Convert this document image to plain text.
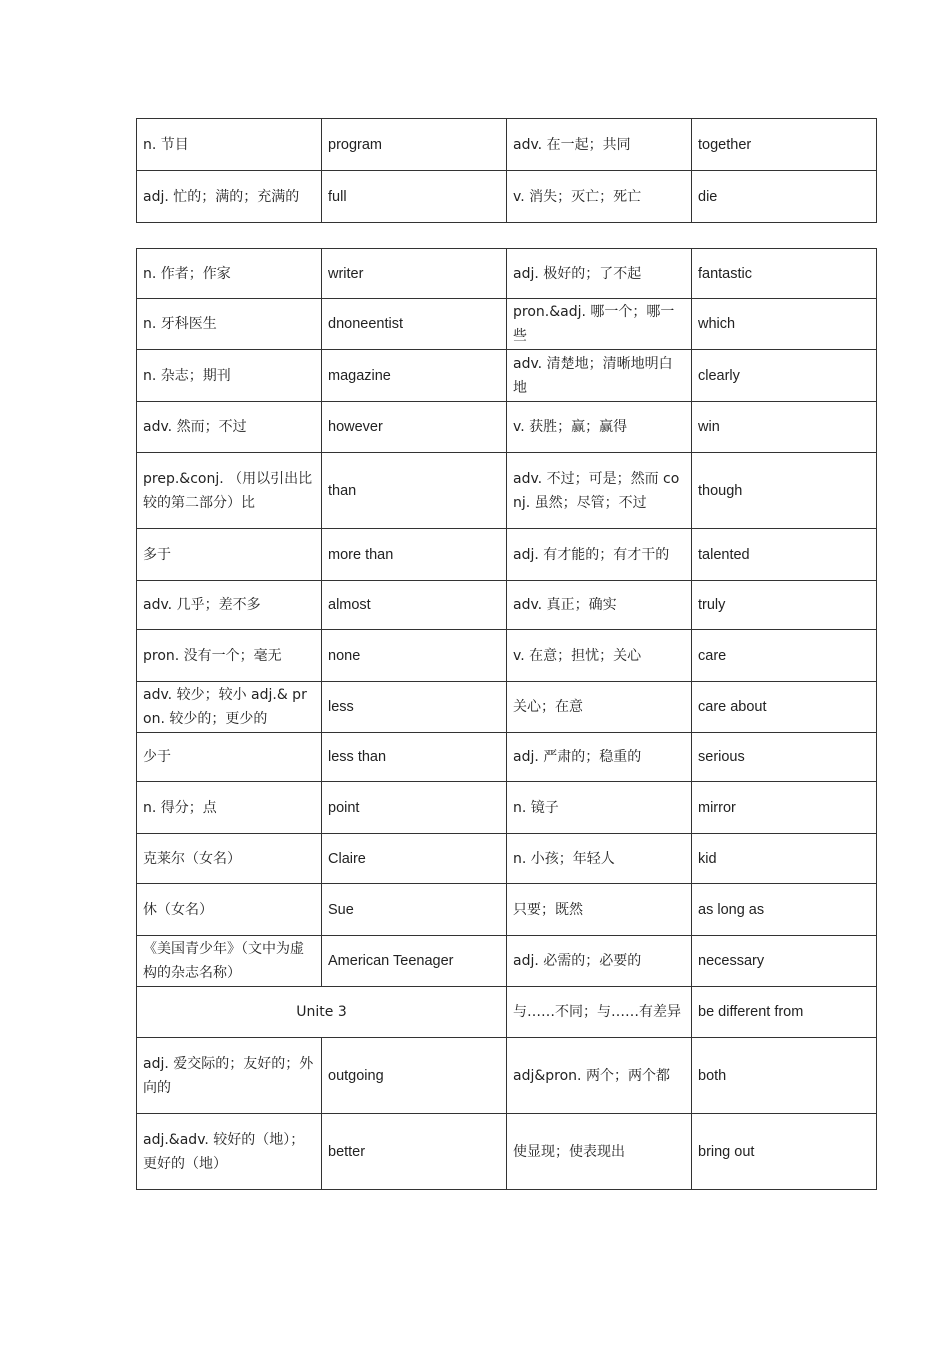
n. 节目	program	adv. 在一起；共同	together
adj. 忙的；满的；充满的	full	v. 消失；灭亡；死亡	die
n. 作者；作家	writer	adj. 极好的；了不起	fantastic
n. 牙科医生	dnoneentist	pron.&adj. 哪一个；哪一些	which
n. 杂志；期刊	magazine	adv. 清楚地；清晰地明白地	clearly
adv. 然而；不过	however	v. 获胜；赢；赢得	win
prep.&conj. （用以引出比较的第二部分）比	than	adv. 不过；可是；然而 conj. 虽然；尽管；不过	though
多于	more than	adj. 有才能的；有才干的	talented
adv. 几乎；差不多	almost	adv. 真正；确实	truly
pron. 没有一个；毫无	none	v. 在意；担忧；关心	care
adv. 较少；较小 adj.& pron. 较少的；更少的	less	关心；在意	care about
少于	less than	adj. 严肃的；稳重的	serious
n. 得分；点	point	n. 镜子	mirror
克莱尔（女名）	Claire	n. 小孩；年轻人	kid
休（女名）	Sue	只要；既然	as long as
《美国青少年》（文中为虚构的杂志名称）	American Teenager	adj. 必需的；必要的	necessary
Unite 3		与……不同；与……有差异	be different from
adj. 爱交际的；友好的；外向的	outgoing	adj&pron. 两个；两个都	both
adj.&adv. 较好的（地）；更好的（地）	better	使显现；使表现出	bring out
